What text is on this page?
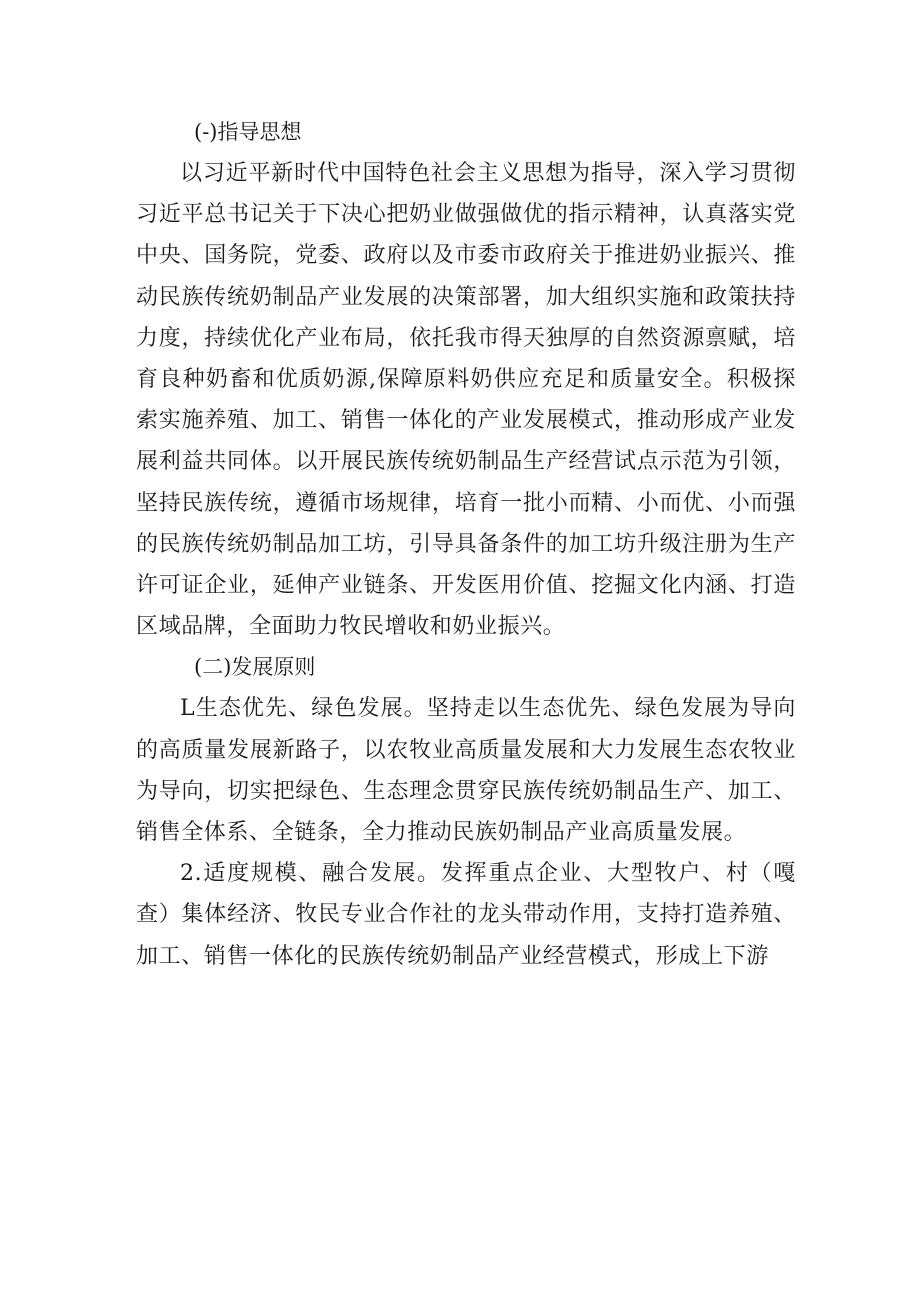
(-)指导思想

以习近平新时代中国特色社会主义思想为指导，深入学习贯彻习近平总书记关于下决心把奶业做强做优的指示精神，认真落实党中央、国务院，党委、政府以及市委市政府关于推进奶业振兴、推动民族传统奶制品产业发展的决策部署，加大组织实施和政策扶持力度，持续优化产业布局，依托我市得天独厚的自然资源禀赋，培育良种奶畜和优质奶源,保障原料奶供应充足和质量安全。积极探索实施养殖、加工、销售一体化的产业发展模式，推动形成产业发展利益共同体。以开展民族传统奶制品生产经营试点示范为引领，坚持民族传统，遵循市场规律，培育一批小而精、小而优、小而强的民族传统奶制品加工坊，引导具备条件的加工坊升级注册为生产许可证企业，延伸产业链条、开发医用价值、挖掘文化内涵、打造区域品牌，全面助力牧民增收和奶业振兴。

(二)发展原则

L生态优先、绿色发展。坚持走以生态优先、绿色发展为导向的高质量发展新路子，以农牧业高质量发展和大力发展生态农牧业为导向，切实把绿色、生态理念贯穿民族传统奶制品生产、加工、销售全体系、全链条，全力推动民族奶制品产业高质量发展。

2.适度规模、融合发展。发挥重点企业、大型牧户、村（嘎查）集体经济、牧民专业合作社的龙头带动作用，支持打造养殖、加工、销售一体化的民族传统奶制品产业经营模式，形成上下游
